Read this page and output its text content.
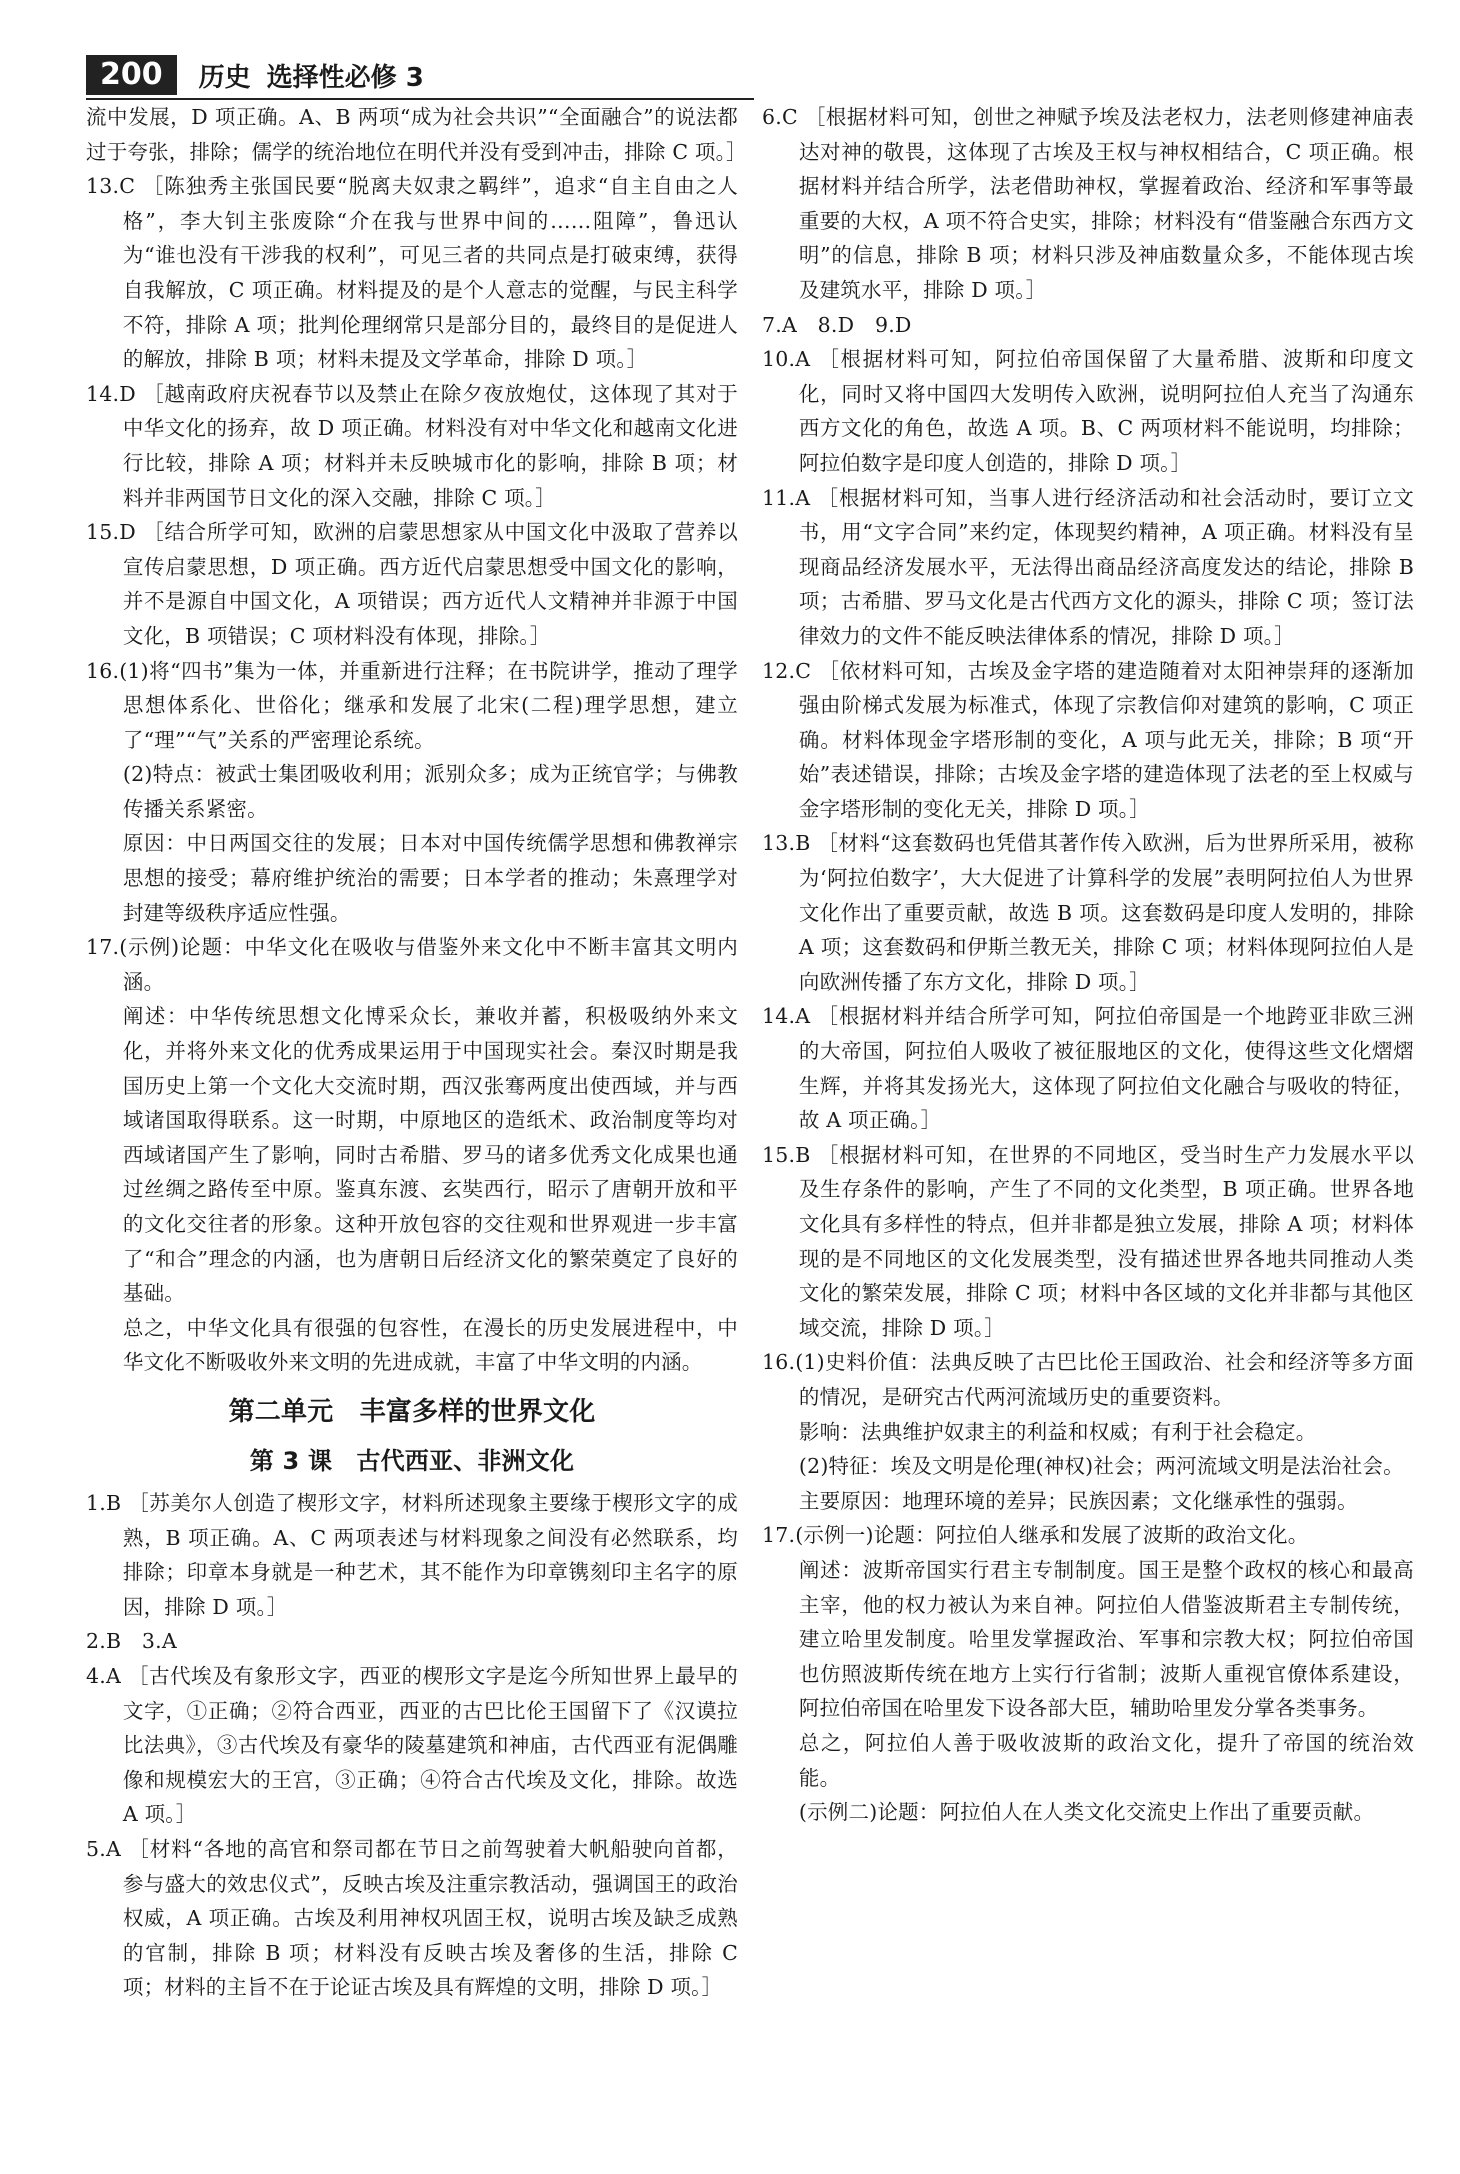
200	历史 选择性必修 3

流中发展，D 项正确。A、B 两项“成为社会共识”“全面融合”的说法都过于夸张，排除；儒学的统治地位在明代并没有受到冲击，排除 C 项。］

13.C ［陈独秀主张国民要“脱离夫奴隶之羁绊”，追求“自主自由之人格”，李大钊主张废除“介在我与世界中间的……阻障”，鲁迅认为“谁也没有干涉我的权利”，可见三者的共同点是打破束缚，获得自我解放，C 项正确。材料提及的是个人意志的觉醒，与民主科学不符，排除 A 项；批判伦理纲常只是部分目的，最终目的是促进人的解放，排除 B 项；材料未提及文学革命，排除 D 项。］

14.D ［越南政府庆祝春节以及禁止在除夕夜放炮仗，这体现了其对于中华文化的扬弃，故 D 项正确。材料没有对中华文化和越南文化进行比较，排除 A 项；材料并未反映城市化的影响，排除 B 项；材料并非两国节日文化的深入交融，排除 C 项。］

15.D ［结合所学可知，欧洲的启蒙思想家从中国文化中汲取了营养以宣传启蒙思想，D 项正确。西方近代启蒙思想受中国文化的影响，并不是源自中国文化，A 项错误；西方近代人文精神并非源于中国文化，B 项错误；C 项材料没有体现，排除。］

16.(1)将“四书”集为一体，并重新进行注释；在书院讲学，推动了理学思想体系化、世俗化；继承和发展了北宋(二程)理学思想，建立了“理”“气”关系的严密理论系统。

(2)特点：被武士集团吸收利用；派别众多；成为正统官学；与佛教传播关系紧密。

原因：中日两国交往的发展；日本对中国传统儒学思想和佛教禅宗思想的接受；幕府维护统治的需要；日本学者的推动；朱熹理学对封建等级秩序适应性强。

17.(示例)论题：中华文化在吸收与借鉴外来文化中不断丰富其文明内涵。

阐述：中华传统思想文化博采众长，兼收并蓄，积极吸纳外来文化，并将外来文化的优秀成果运用于中国现实社会。秦汉时期是我国历史上第一个文化大交流时期，西汉张骞两度出使西域，并与西域诸国取得联系。这一时期，中原地区的造纸术、政治制度等均对西域诸国产生了影响，同时古希腊、罗马的诸多优秀文化成果也通过丝绸之路传至中原。鉴真东渡、玄奘西行，昭示了唐朝开放和平的文化交往者的形象。这种开放包容的交往观和世界观进一步丰富了“和合”理念的内涵，也为唐朝日后经济文化的繁荣奠定了良好的基础。

总之，中华文化具有很强的包容性，在漫长的历史发展进程中，中华文化不断吸收外来文明的先进成就，丰富了中华文明的内涵。

第二单元　丰富多样的世界文化
第 3 课　古代西亚、非洲文化

1.B ［苏美尔人创造了楔形文字，材料所述现象主要缘于楔形文字的成熟，B 项正确。A、C 两项表述与材料现象之间没有必然联系，均排除；印章本身就是一种艺术，其不能作为印章镌刻印主名字的原因，排除 D 项。］

2.B　3.A

4.A ［古代埃及有象形文字，西亚的楔形文字是迄今所知世界上最早的文字，①正确；②符合西亚，西亚的古巴比伦王国留下了《汉谟拉比法典》，③古代埃及有豪华的陵墓建筑和神庙，古代西亚有泥偶雕像和规模宏大的王宫，③正确；④符合古代埃及文化，排除。故选 A 项。］

5.A ［材料“各地的高官和祭司都在节日之前驾驶着大帆船驶向首都，参与盛大的效忠仪式”，反映古埃及注重宗教活动，强调国王的政治权威，A 项正确。古埃及利用神权巩固王权，说明古埃及缺乏成熟的官制，排除 B 项；材料没有反映古埃及奢侈的生活，排除 C 项；材料的主旨不在于论证古埃及具有辉煌的文明，排除 D 项。］

6.C ［根据材料可知，创世之神赋予埃及法老权力，法老则修建神庙表达对神的敬畏，这体现了古埃及王权与神权相结合，C 项正确。根据材料并结合所学，法老借助神权，掌握着政治、经济和军事等最重要的大权，A 项不符合史实，排除；材料没有“借鉴融合东西方文明”的信息，排除 B 项；材料只涉及神庙数量众多，不能体现古埃及建筑水平，排除 D 项。］

7.A　8.D　9.D

10.A ［根据材料可知，阿拉伯帝国保留了大量希腊、波斯和印度文化，同时又将中国四大发明传入欧洲，说明阿拉伯人充当了沟通东西方文化的角色，故选 A 项。B、C 两项材料不能说明，均排除；阿拉伯数字是印度人创造的，排除 D 项。］

11.A ［根据材料可知，当事人进行经济活动和社会活动时，要订立文书，用“文字合同”来约定，体现契约精神，A 项正确。材料没有呈现商品经济发展水平，无法得出商品经济高度发达的结论，排除 B 项；古希腊、罗马文化是古代西方文化的源头，排除 C 项；签订法律效力的文件不能反映法律体系的情况，排除 D 项。］

12.C ［依材料可知，古埃及金字塔的建造随着对太阳神崇拜的逐渐加强由阶梯式发展为标准式，体现了宗教信仰对建筑的影响，C 项正确。材料体现金字塔形制的变化，A 项与此无关，排除；B 项“开始”表述错误，排除；古埃及金字塔的建造体现了法老的至上权威与金字塔形制的变化无关，排除 D 项。］

13.B ［材料“这套数码也凭借其著作传入欧洲，后为世界所采用，被称为‘阿拉伯数字’，大大促进了计算科学的发展”表明阿拉伯人为世界文化作出了重要贡献，故选 B 项。这套数码是印度人发明的，排除 A 项；这套数码和伊斯兰教无关，排除 C 项；材料体现阿拉伯人是向欧洲传播了东方文化，排除 D 项。］

14.A ［根据材料并结合所学可知，阿拉伯帝国是一个地跨亚非欧三洲的大帝国，阿拉伯人吸收了被征服地区的文化，使得这些文化熠熠生辉，并将其发扬光大，这体现了阿拉伯文化融合与吸收的特征，故 A 项正确。］

15.B ［根据材料可知，在世界的不同地区，受当时生产力发展水平以及生存条件的影响，产生了不同的文化类型，B 项正确。世界各地文化具有多样性的特点，但并非都是独立发展，排除 A 项；材料体现的是不同地区的文化发展类型，没有描述世界各地共同推动人类文化的繁荣发展，排除 C 项；材料中各区域的文化并非都与其他区域交流，排除 D 项。］

16.(1)史料价值：法典反映了古巴比伦王国政治、社会和经济等多方面的情况，是研究古代两河流域历史的重要资料。

影响：法典维护奴隶主的利益和权威；有利于社会稳定。

(2)特征：埃及文明是伦理(神权)社会；两河流域文明是法治社会。

主要原因：地理环境的差异；民族因素；文化继承性的强弱。

17.(示例一)论题：阿拉伯人继承和发展了波斯的政治文化。

阐述：波斯帝国实行君主专制制度。国王是整个政权的核心和最高主宰，他的权力被认为来自神。阿拉伯人借鉴波斯君主专制传统，建立哈里发制度。哈里发掌握政治、军事和宗教大权；阿拉伯帝国也仿照波斯传统在地方上实行行省制；波斯人重视官僚体系建设，阿拉伯帝国在哈里发下设各部大臣，辅助哈里发分掌各类事务。

总之，阿拉伯人善于吸收波斯的政治文化，提升了帝国的统治效能。

(示例二)论题：阿拉伯人在人类文化交流史上作出了重要贡献。
